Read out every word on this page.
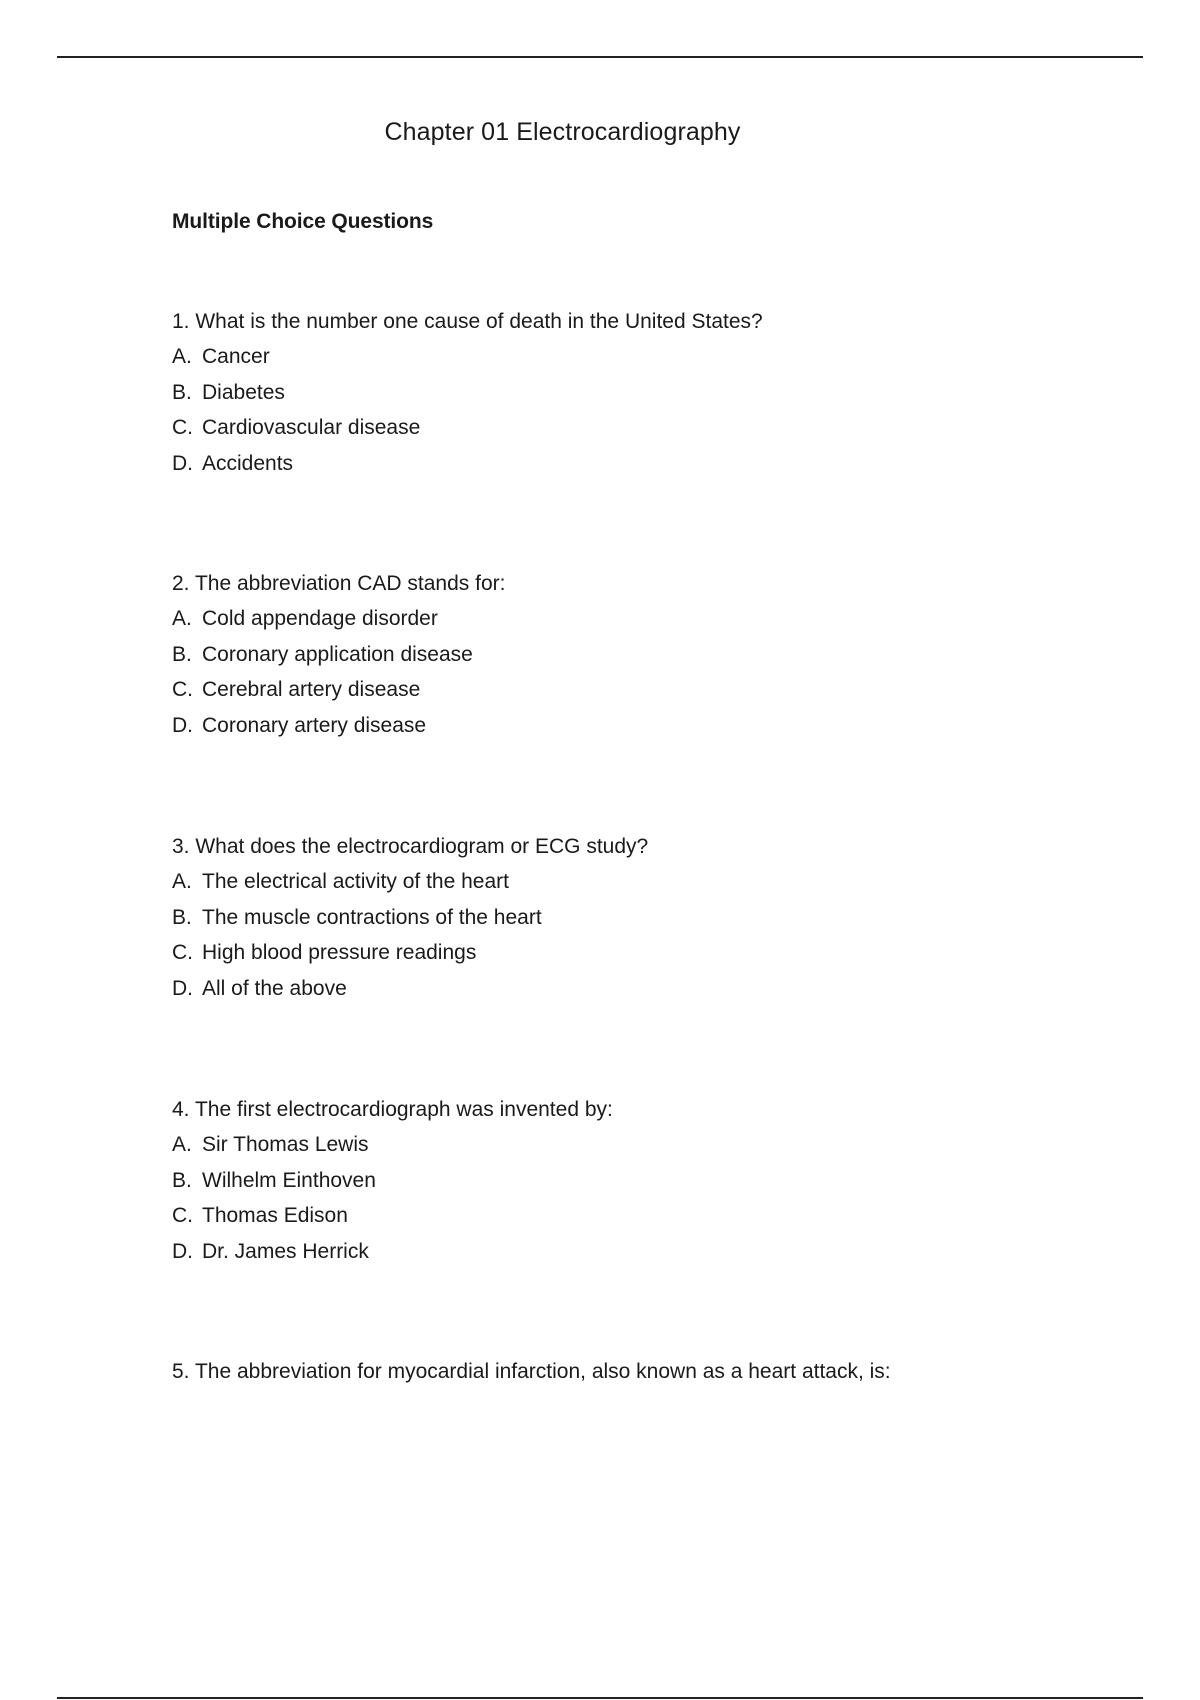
Chapter 01 Electrocardiography
Multiple Choice Questions

1. What is the number one cause of death in the United States?

A. Cancer
B. Diabetes
C. Cardiovascular disease
D. Accidents

2. The abbreviation CAD stands for:

A. Cold appendage disorder
B. Coronary application disease
C. Cerebral artery disease
D. Coronary artery disease

3. What does the electrocardiogram or ECG study?

A. The electrical activity of the heart
B. The muscle contractions of the heart
C. High blood pressure readings
D. All of the above

4. The first electrocardiograph was invented by:

A. Sir Thomas Lewis
B. Wilhelm Einthoven
C. Thomas Edison
D. Dr. James Herrick

5. The abbreviation for myocardial infarction, also known as a heart attack, is:
